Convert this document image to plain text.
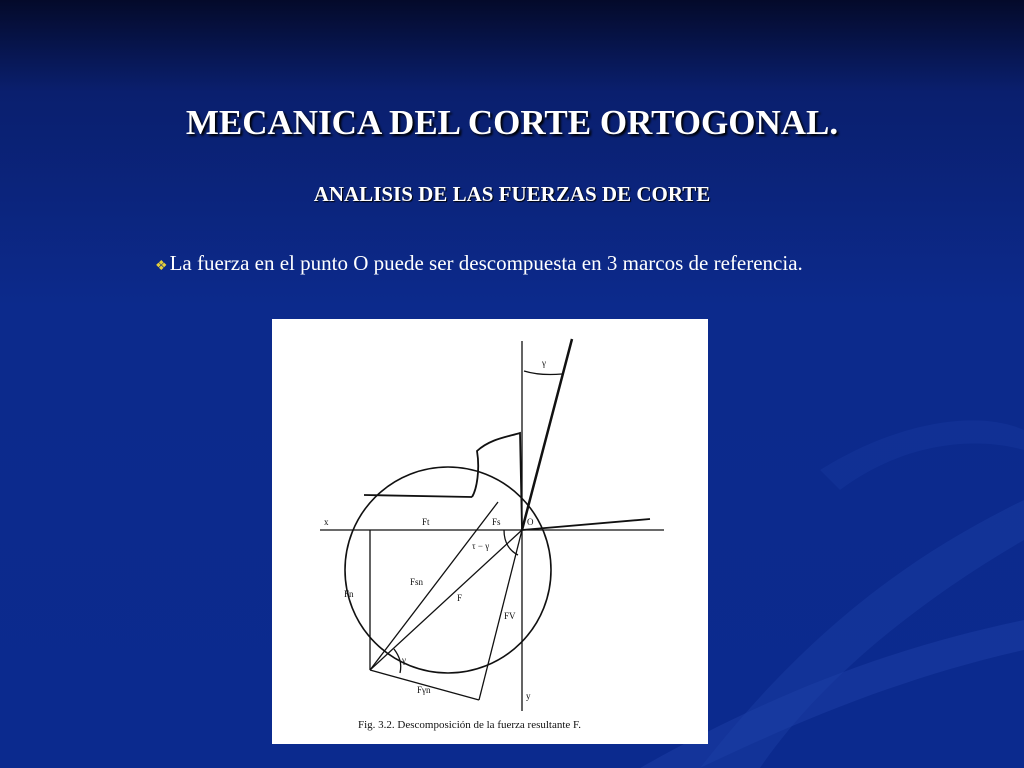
MECANICA DEL CORTE ORTOGONAL.
ANALISIS DE LAS FUERZAS DE CORTE
❖La fuerza en el punto O puede ser descompuesta en 3 marcos de referencia.
γ
O
x	Ft	Fs
τ − γ
Fsn
F
Fn
FV
Fγn
γ
y
Fig. 3.2. Descomposición de la fuerza resultante F.
